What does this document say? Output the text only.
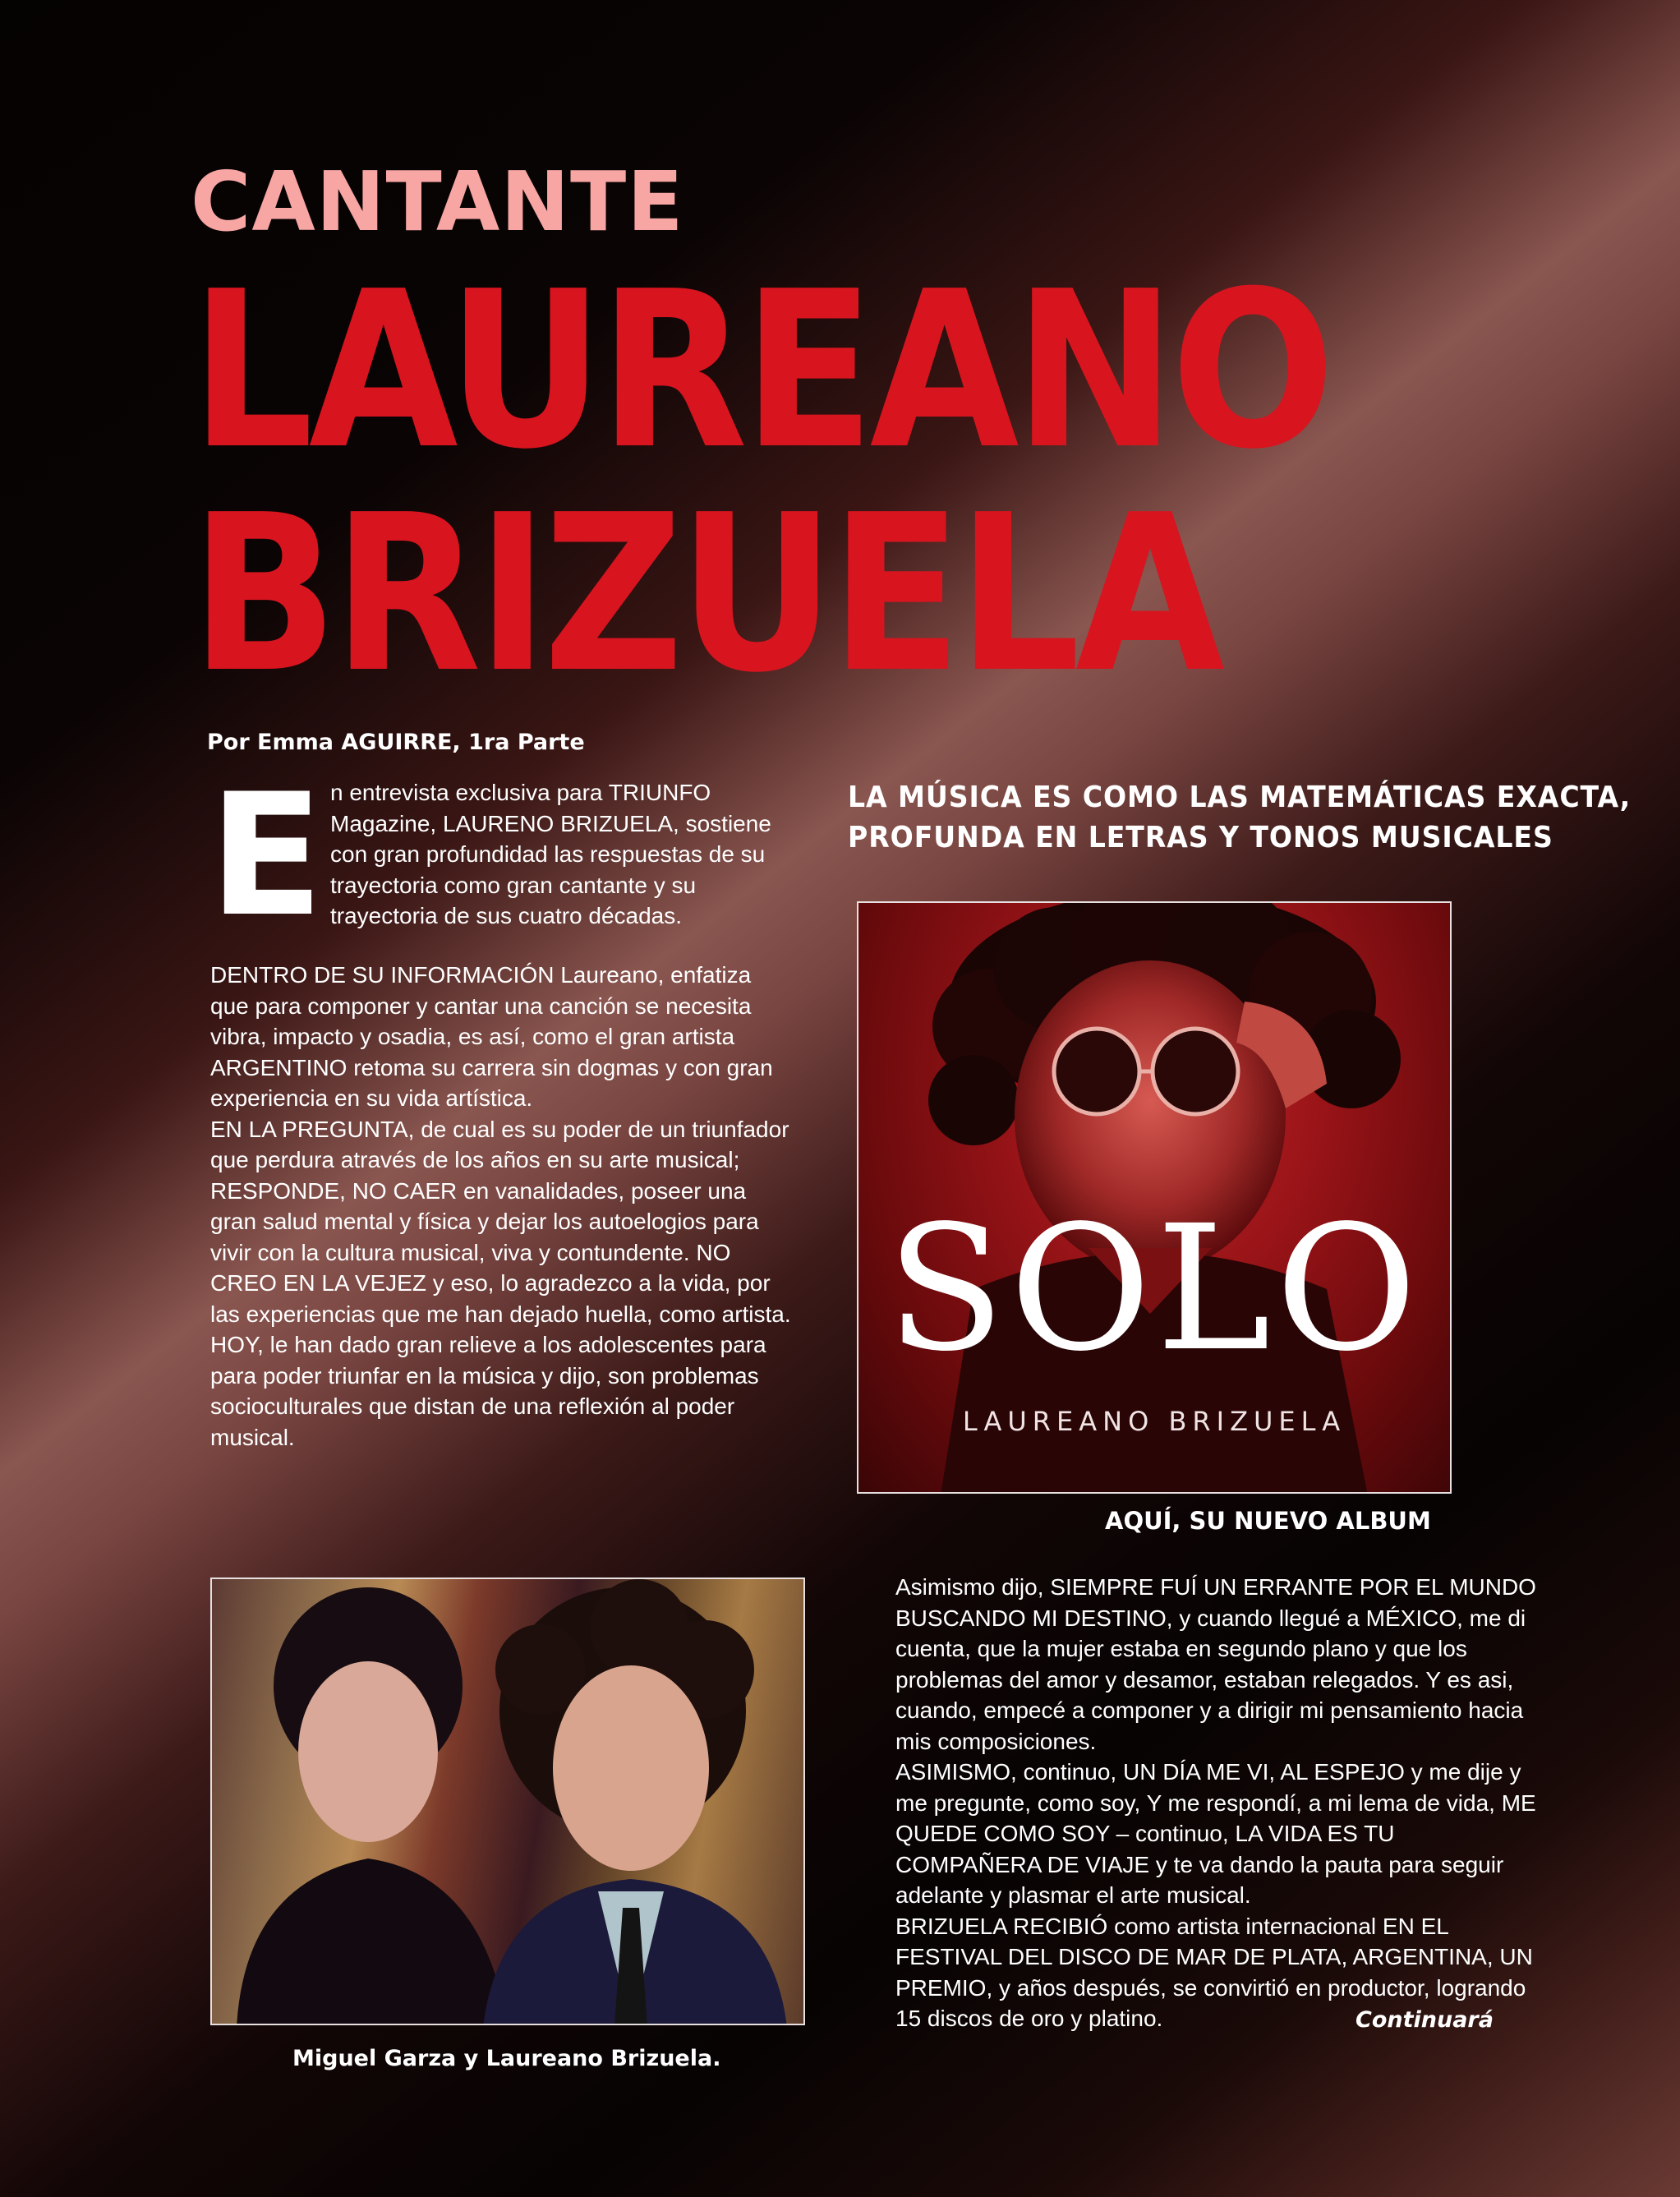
CANTANTE
LAUREANO
BRIZUELA

Por Emma AGUIRRE, 1ra Parte

E n entrevista exclusiva para TRIUNFO Magazine, LAURENO BRIZUELA, sostiene con gran profundidad las respuestas de su trayectoria como gran cantante y su trayectoria de sus cuatro décadas.

DENTRO DE SU INFORMACIÓN Laureano, enfatiza que para componer y cantar una canción se necesita vibra, impacto y osadia, es así, como el gran artista ARGENTINO retoma su carrera sin dogmas y con gran experiencia en su vida artística.
EN LA PREGUNTA, de cual es su poder de un triunfador que perdura através de los años en su arte musical; RESPONDE, NO CAER en vanalidades, poseer una gran salud mental y física y dejar los autoelogios para vivir con la cultura musical, viva y contundente. NO CREO EN LA VEJEZ y eso, lo agradezco a la vida, por las experiencias que me han dejado huella, como artista. HOY, le han dado gran relieve a los adolescentes para para poder triunfar en la música y dijo, son problemas socioculturales que distan de una reflexión al poder musical.
LA MÚSICA ES COMO LAS MATEMÁTICAS EXACTA,
PROFUNDA EN LETRAS Y TONOS MUSICALES
SOLO
LAUREANO BRIZUELA

AQUÍ, SU NUEVO ALBUM

Miguel Garza y Laureano Brizuela.

Asimismo dijo, SIEMPRE FUÍ UN ERRANTE POR EL MUNDO BUSCANDO MI DESTINO, y cuando llegué a MÉXICO, me di cuenta, que la mujer estaba en segundo plano y que los problemas del amor y desamor, estaban relegados. Y es asi, cuando, empecé a componer y a dirigir mi pensamiento hacia mis composiciones.
ASIMISMO, continuo, UN DÍA ME VI, AL ESPEJO y me dije y me pregunte, como soy, Y me respondí, a mi lema de vida, ME QUEDE COMO SOY – continuo, LA VIDA ES TU COMPAÑERA DE VIAJE y te va dando la pauta para seguir adelante y plasmar el arte musical.
BRIZUELA RECIBIÓ como artista internacional EN EL FESTIVAL DEL DISCO DE MAR DE PLATA, ARGENTINA, UN PREMIO, y años después, se convirtió en productor, logrando 15 discos de oro y platino.	Continuará
